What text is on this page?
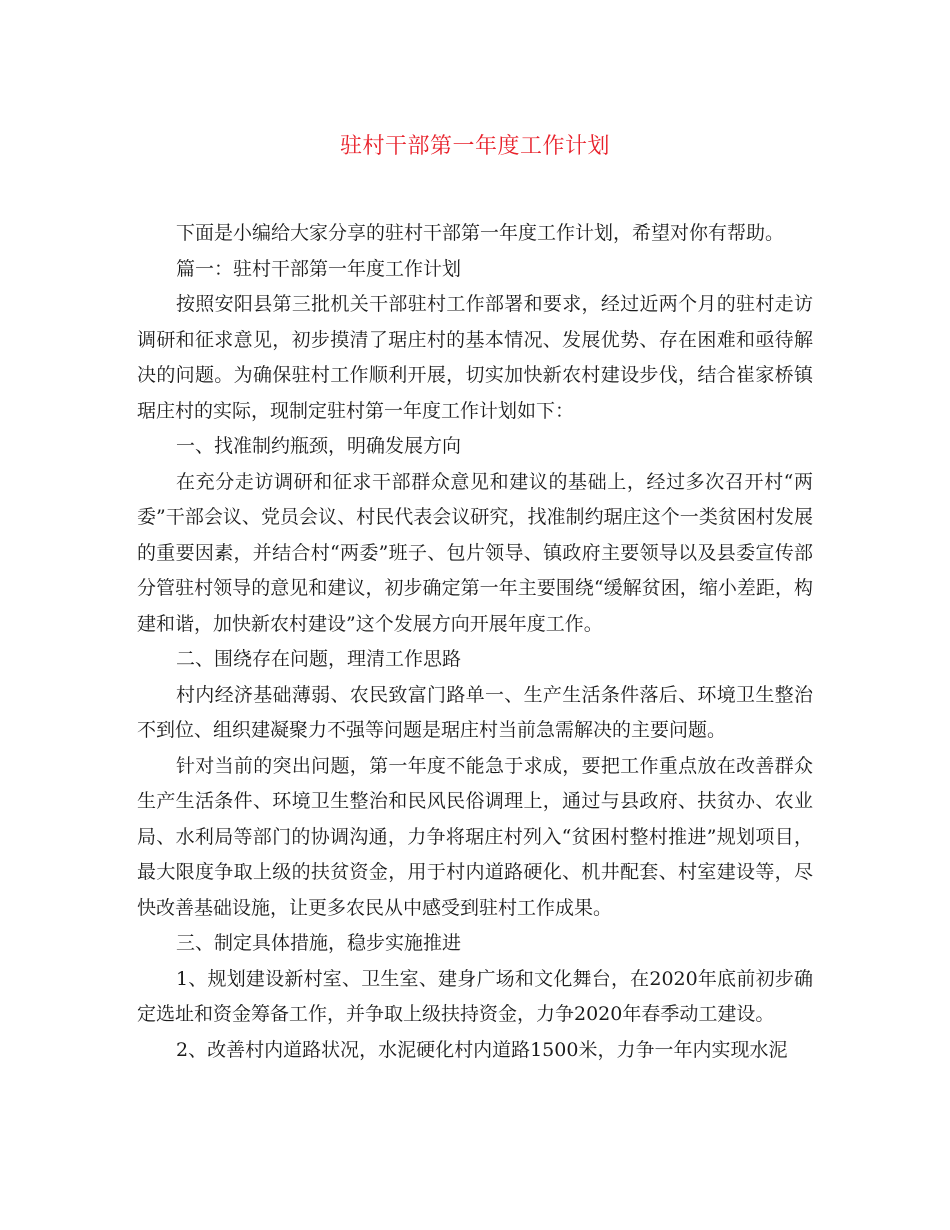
驻村干部第一年度工作计划

下面是小编给大家分享的驻村干部第一年度工作计划，希望对你有帮助。

篇一：驻村干部第一年度工作计划

按照安阳县第三批机关干部驻村工作部署和要求，经过近两个月的驻村走访调研和征求意见，初步摸清了琚庄村的基本情况、发展优势、存在困难和亟待解决的问题。为确保驻村工作顺利开展，切实加快新农村建设步伐，结合崔家桥镇琚庄村的实际，现制定驻村第一年度工作计划如下：

一、找准制约瓶颈，明确发展方向

在充分走访调研和征求干部群众意见和建议的基础上，经过多次召开村“两委”干部会议、党员会议、村民代表会议研究，找准制约琚庄这个一类贫困村发展的重要因素，并结合村“两委”班子、包片领导、镇政府主要领导以及县委宣传部分管驻村领导的意见和建议，初步确定第一年主要围绕“缓解贫困，缩小差距，构建和谐，加快新农村建设”这个发展方向开展年度工作。

二、围绕存在问题，理清工作思路

村内经济基础薄弱、农民致富门路单一、生产生活条件落后、环境卫生整治不到位、组织建凝聚力不强等问题是琚庄村当前急需解决的主要问题。

针对当前的突出问题，第一年度不能急于求成，要把工作重点放在改善群众生产生活条件、环境卫生整治和民风民俗调理上，通过与县政府、扶贫办、农业局、水利局等部门的协调沟通，力争将琚庄村列入“贫困村整村推进”规划项目，最大限度争取上级的扶贫资金，用于村内道路硬化、机井配套、村室建设等，尽快改善基础设施，让更多农民从中感受到驻村工作成果。

三、制定具体措施，稳步实施推进

1、规划建设新村室、卫生室、建身广场和文化舞台，在2020年底前初步确定选址和资金筹备工作，并争取上级扶持资金，力争2020年春季动工建设。

2、改善村内道路状况，水泥硬化村内道路1500米，力争一年内实现水泥
